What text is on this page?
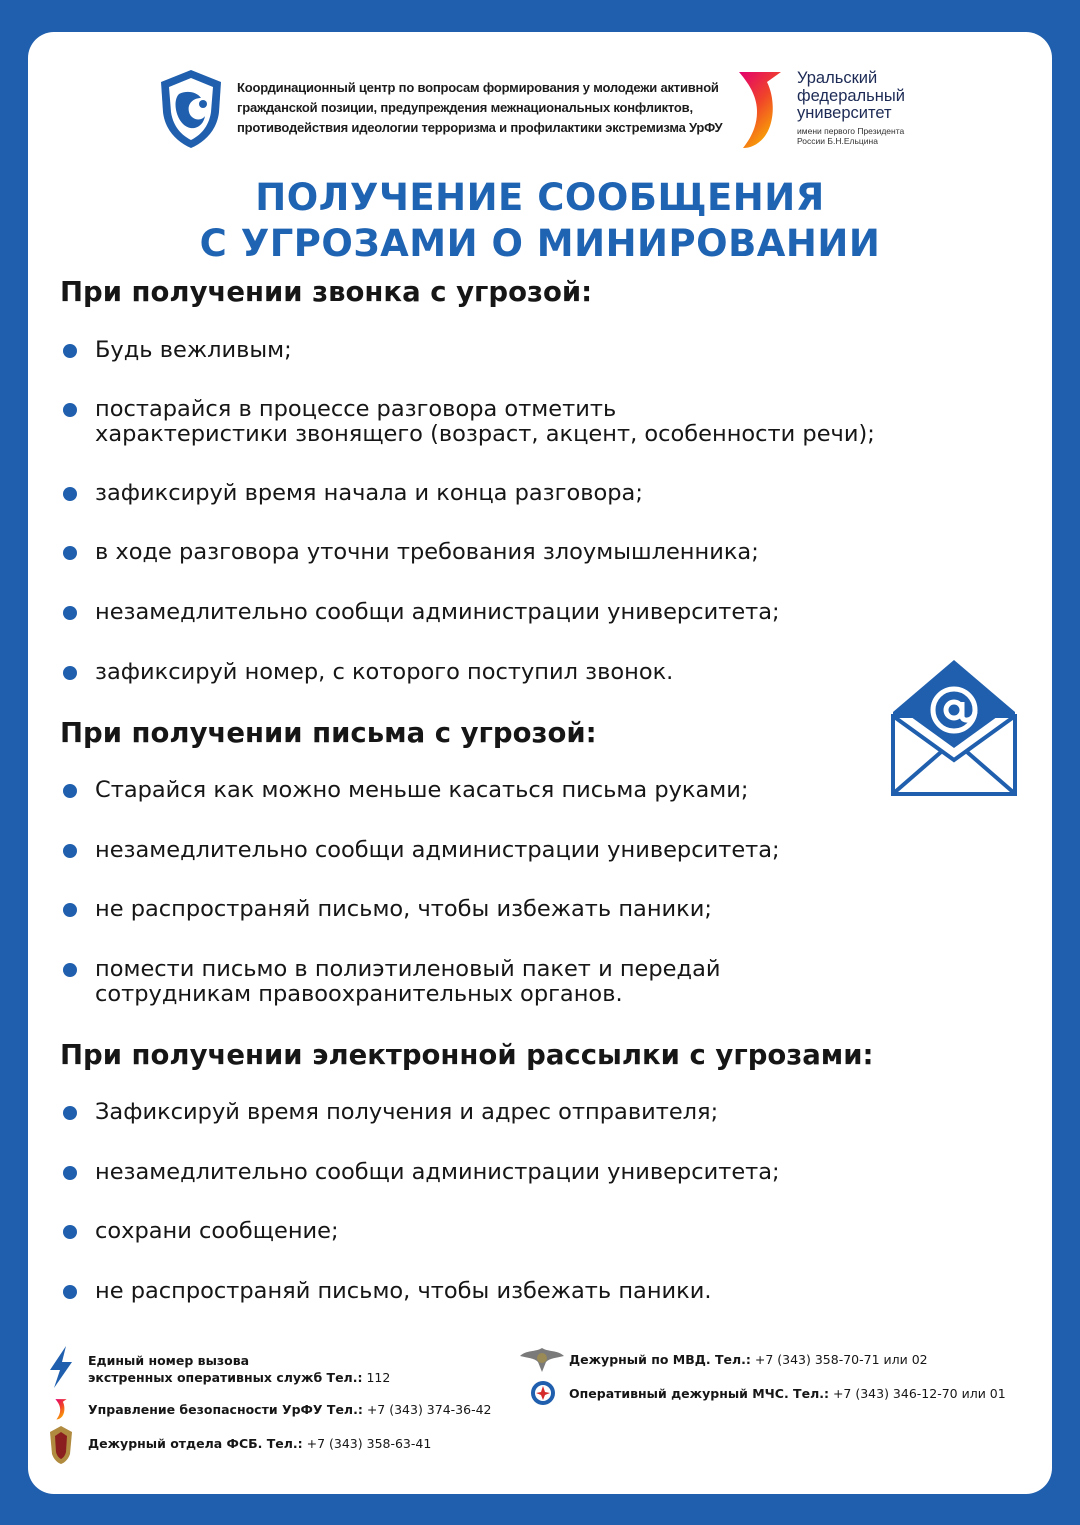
Координационный центр по вопросам формирования у молодежи активной
гражданской позиции, предупреждения межнациональных конфликтов,
противодействия идеологии терроризма и профилактики экстремизма УрФУ
Уральский
федеральный
университет
имени первого Президента
России Б.Н.Ельцина
ПОЛУЧЕНИЕ СООБЩЕНИЯ
С УГРОЗАМИ О МИНИРОВАНИИ
При получении звонка с угрозой:
Будь вежливым;
постарайся в процессе разговора отметить
характеристики звонящего (возраст, акцент, особенности речи);
зафиксируй время начала и конца разговора;
в ходе разговора уточни требования злоумышленника;
незамедлительно сообщи администрации университета;
зафиксируй номер, с которого поступил звонок.
При получении письма с угрозой:
Старайся как можно меньше касаться письма руками;
незамедлительно сообщи администрации университета;
не распространяй письмо, чтобы избежать паники;
помести письмо в полиэтиленовый пакет и передай
сотрудникам правоохранительных органов.
При получении электронной рассылки с угрозами:
Зафиксируй время получения и адрес отправителя;
незамедлительно сообщи администрации университета;
сохрани сообщение;
не распространяй письмо, чтобы избежать паники.
Единый номер вызова
экстренных оперативных служб Тел.: 112
Управление безопасности УрФУ Тел.: +7 (343) 374-36-42
Дежурный отдела ФСБ. Тел.: +7 (343) 358-63-41
Дежурный по МВД. Тел.: +7 (343) 358-70-71 или 02
Оперативный дежурный МЧС. Тел.: +7 (343) 346-12-70 или 01
